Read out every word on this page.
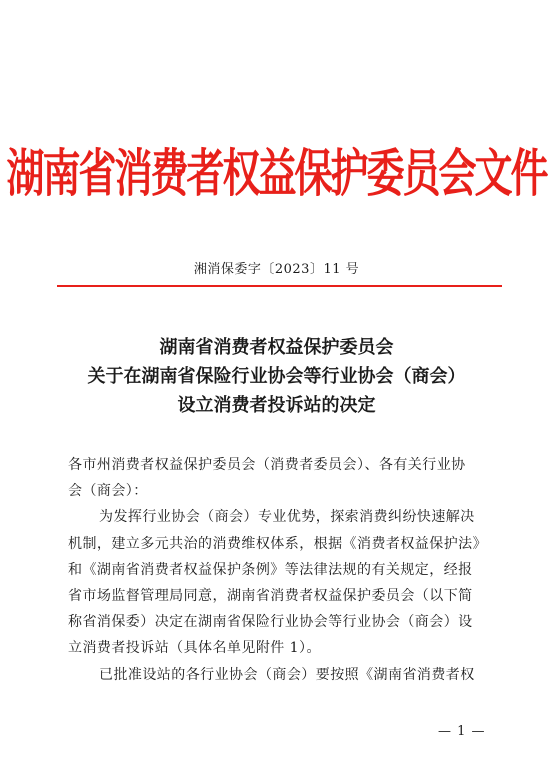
湖南省消费者权益保护委员会文件
湘消保委字〔2023〕11 号
湖南省消费者权益保护委员会
关于在湖南省保险行业协会等行业协会（商会）
设立消费者投诉站的决定
各市州消费者权益保护委员会（消费者委员会）、各有关行业协
会（商会）：
为发挥行业协会（商会）专业优势，探索消费纠纷快速解决
机制，建立多元共治的消费维权体系，根据《消费者权益保护法》
和《湖南省消费者权益保护条例》等法律法规的有关规定，经报
省市场监督管理局同意，湖南省消费者权益保护委员会（以下简
称省消保委）决定在湖南省保险行业协会等行业协会（商会）设
立消费者投诉站（具体名单见附件 1）。
已批准设站的各行业协会（商会）要按照《湖南省消费者权
— 1 —
